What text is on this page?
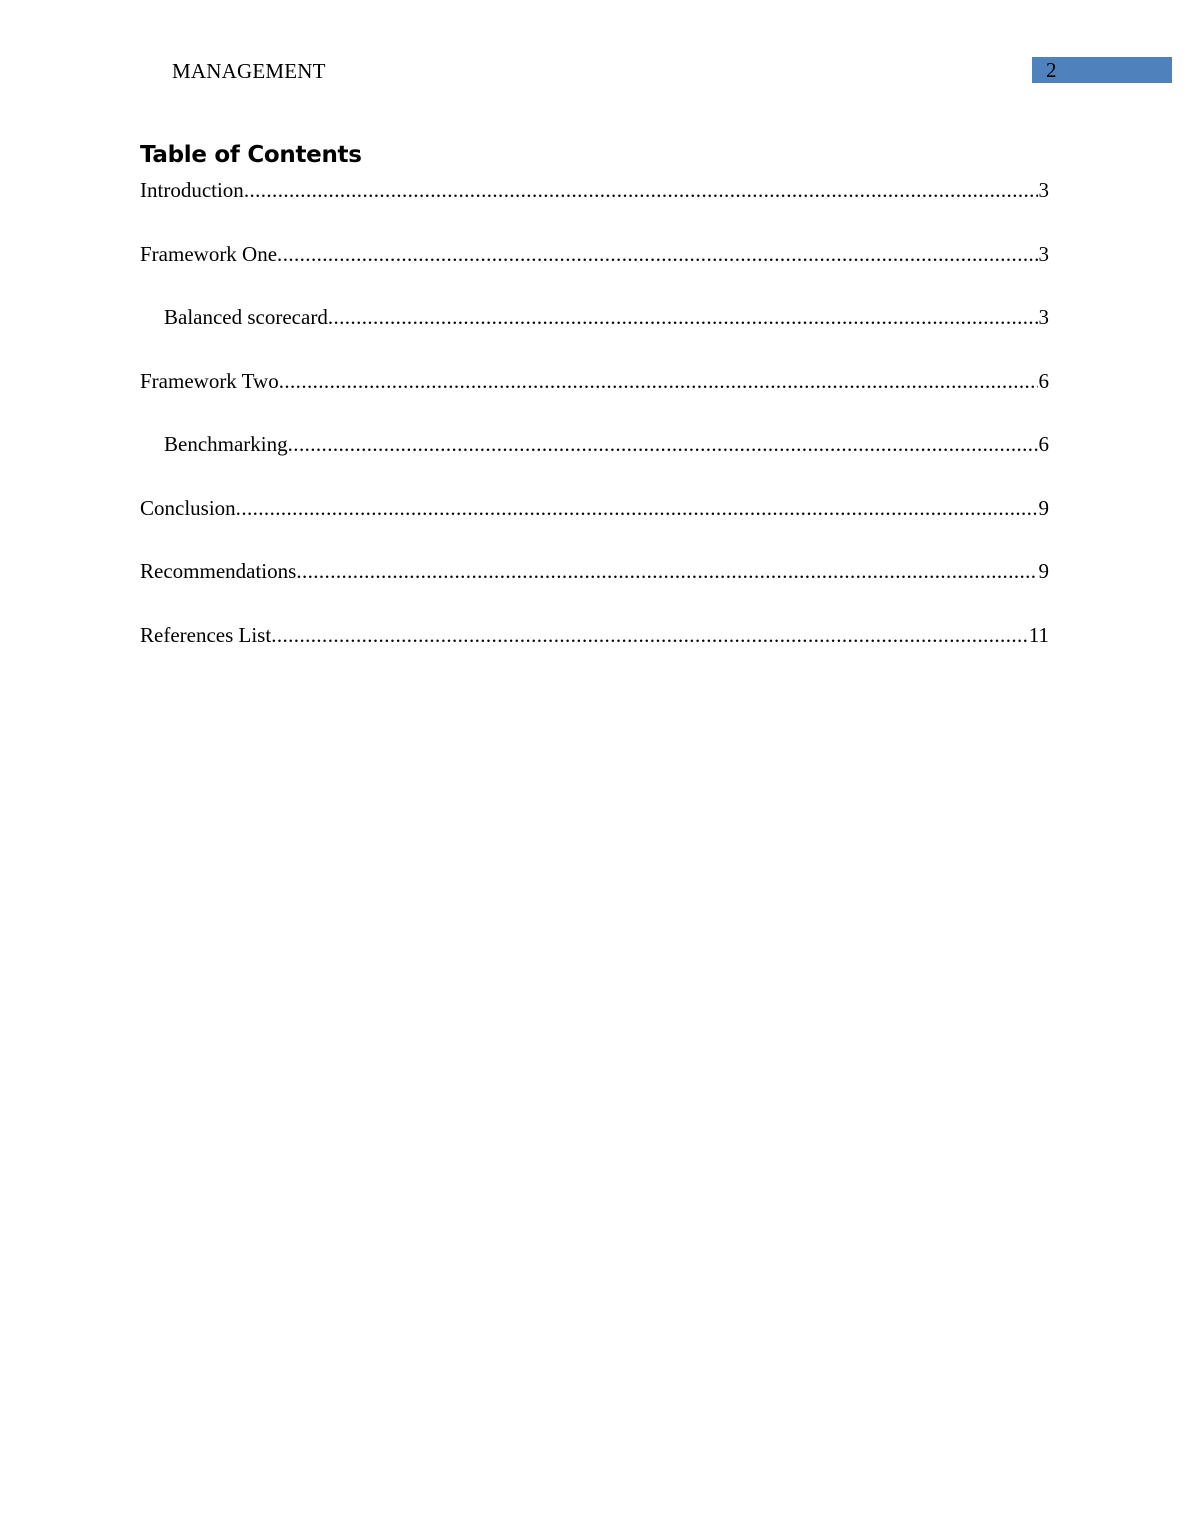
MANAGEMENT	2
Table of Contents
Introduction .....	3
Framework One .....	3
Balanced scorecard .....	3
Framework Two .....	6
Benchmarking .....	6
Conclusion .....	9
Recommendations .....	9
References List .....	11
